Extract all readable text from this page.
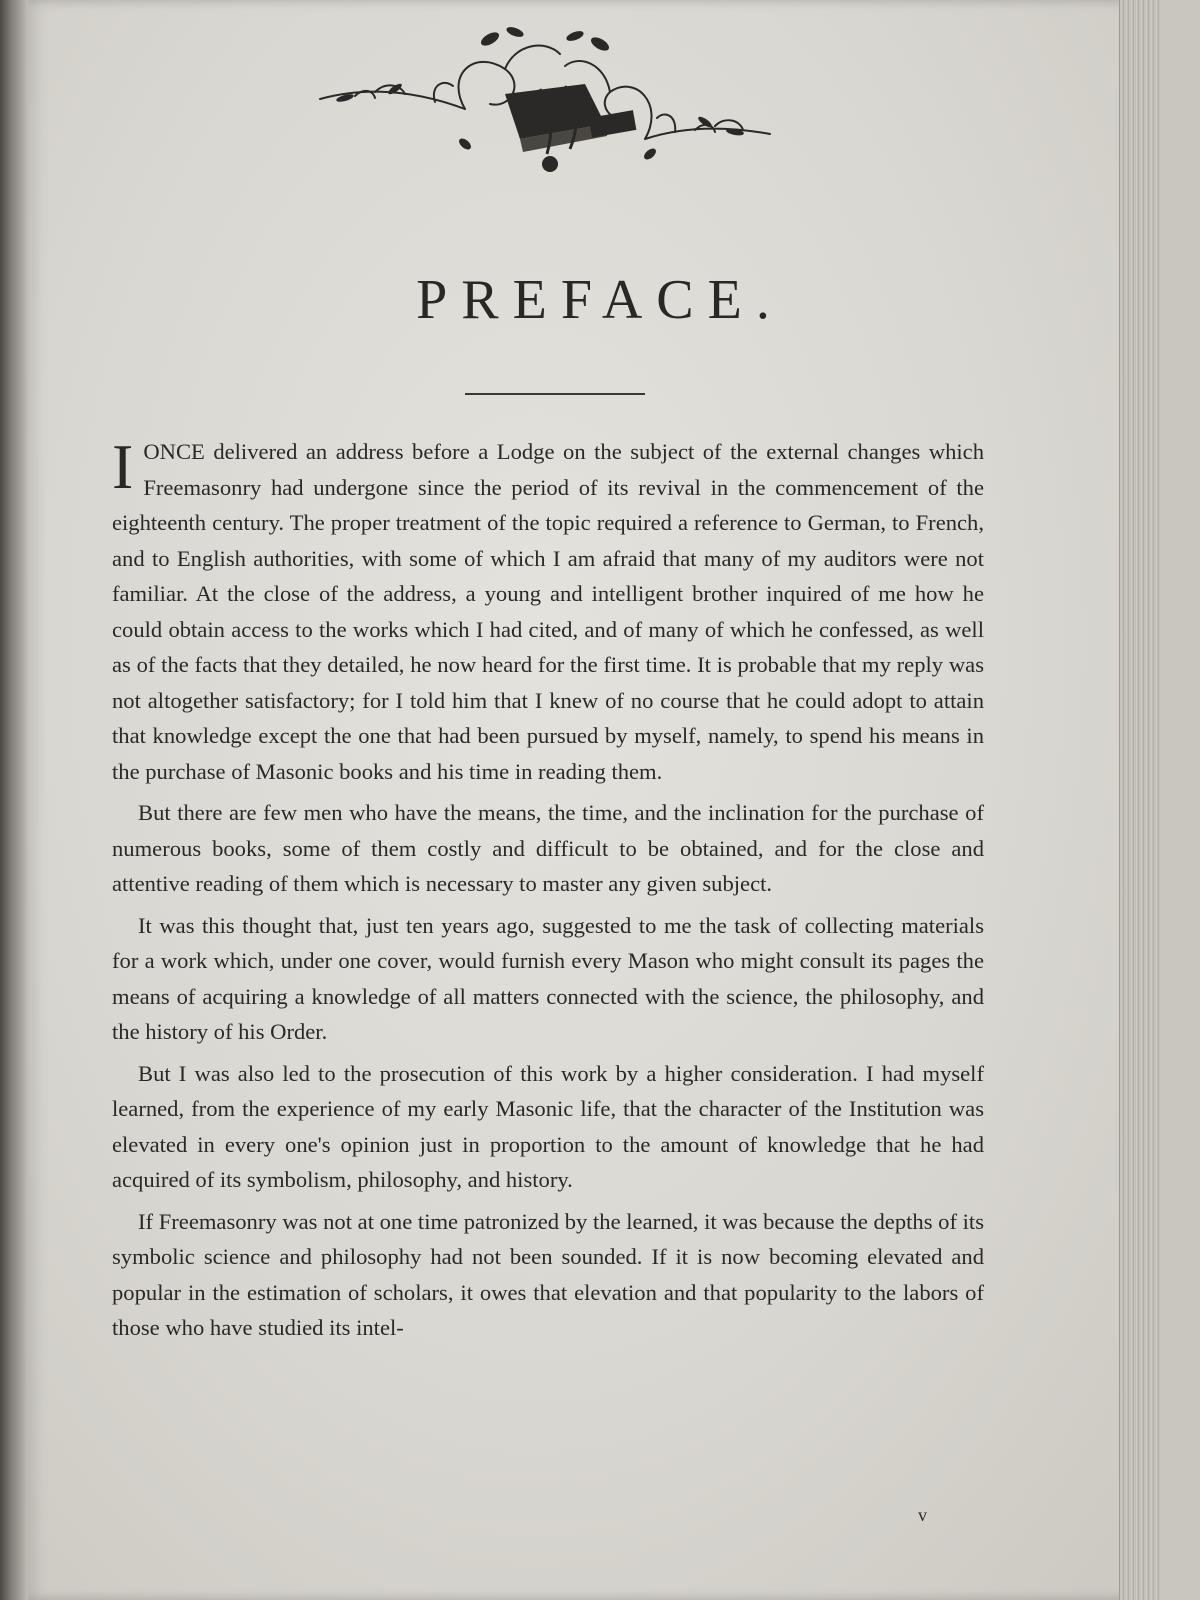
PREFACE.

I ONCE delivered an address before a Lodge on the subject of the external changes which Freemasonry had undergone since the period of its revival in the commencement of the eighteenth century. The proper treatment of the topic required a reference to German, to French, and to English authorities, with some of which I am afraid that many of my auditors were not familiar. At the close of the address, a young and intelligent brother inquired of me how he could obtain access to the works which I had cited, and of many of which he confessed, as well as of the facts that they detailed, he now heard for the first time. It is probable that my reply was not altogether satisfactory; for I told him that I knew of no course that he could adopt to attain that knowledge except the one that had been pursued by myself, namely, to spend his means in the purchase of Masonic books and his time in reading them.

But there are few men who have the means, the time, and the inclination for the purchase of numerous books, some of them costly and difficult to be obtained, and for the close and attentive reading of them which is necessary to master any given subject.

It was this thought that, just ten years ago, suggested to me the task of collecting materials for a work which, under one cover, would furnish every Mason who might consult its pages the means of acquiring a knowledge of all matters connected with the science, the philosophy, and the history of his Order.

But I was also led to the prosecution of this work by a higher consideration. I had myself learned, from the experience of my early Masonic life, that the character of the Institution was elevated in every one's opinion just in proportion to the amount of knowledge that he had acquired of its symbolism, philosophy, and history.

If Freemasonry was not at one time patronized by the learned, it was because the depths of its symbolic science and philosophy had not been sounded. If it is now becoming elevated and popular in the estimation of scholars, it owes that elevation and that popularity to the labors of those who have studied its intel-

v
